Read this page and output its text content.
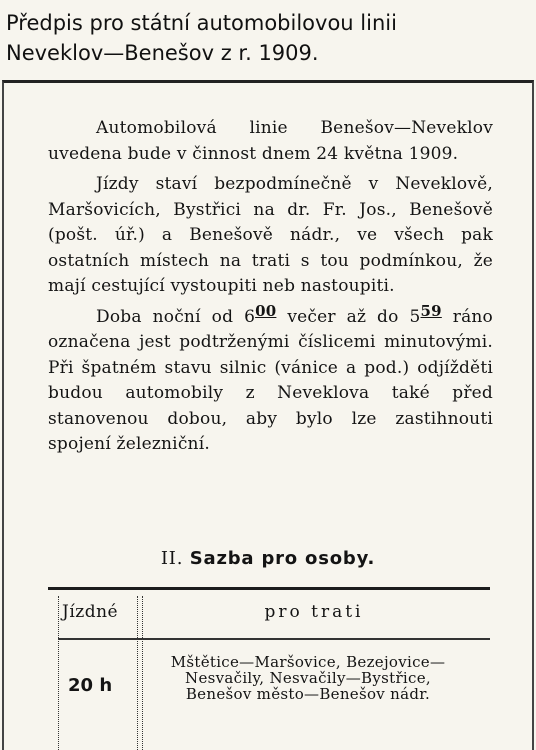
Předpis pro státní automobilovou linii
Neveklov—Benešov z r. 1909.

Automobilová linie Benešov—Neveklov uvedena bude v činnost dnem 24 května 1909.

Jízdy staví bezpodmínečně v Neveklově, Maršovicích, Bystřici na dr. Fr. Jos., Benešově (pošt. úř.) a Benešově nádr., ve všech pak ostatních místech na trati s tou podmínkou, že mají cestující vystoupiti neb nastoupiti.

Doba noční od 600 večer až do 559 ráno označena jest podtrženými číslicemi minutovými. Při špatném stavu silnic (vánice a pod.) odjížděti budou automobily z Neveklova také před stanovenou dobou, aby bylo lze zastihnouti spojení železniční.

II. Sazba pro osoby.
Jízdné	pro trati
20 h
Mštětice—Maršovice, Bezejovice—Nesvačily, Nesvačily—Bystřice, Benešov město—Benešov nádr.
